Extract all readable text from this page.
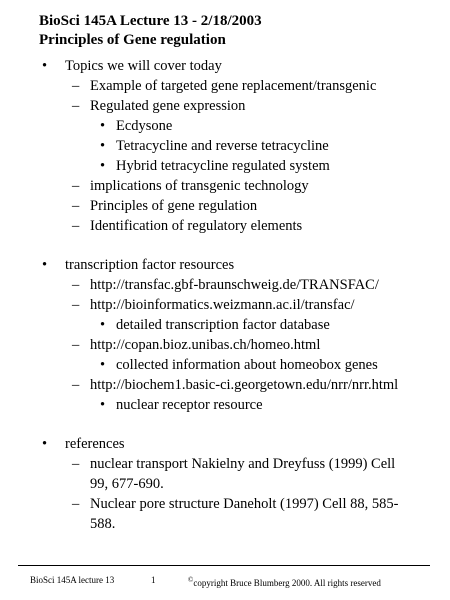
BioSci 145A Lecture 13 - 2/18/2003
Principles of Gene regulation
• Topics we will cover today
– Example of targeted gene replacement/transgenic
– Regulated gene expression
• Ecdysone
• Tetracycline and reverse tetracycline
• Hybrid tetracycline regulated system
– implications of transgenic technology
– Principles of gene regulation
– Identification of regulatory elements
• transcription factor resources
– http://transfac.gbf-braunschweig.de/TRANSFAC/
– http://bioinformatics.weizmann.ac.il/transfac/
• detailed transcription factor database
– http://copan.bioz.unibas.ch/homeo.html
• collected information about homeobox genes
– http://biochem1.basic-ci.georgetown.edu/nrr/nrr.html
• nuclear receptor resource
• references
– nuclear transport Nakielny and Dreyfuss (1999) Cell 99, 677-690.
– Nuclear pore structure Daneholt (1997) Cell 88, 585-588.
BioSci 145A lecture 13	1	©copyright Bruce Blumberg 2000. All rights reserved
